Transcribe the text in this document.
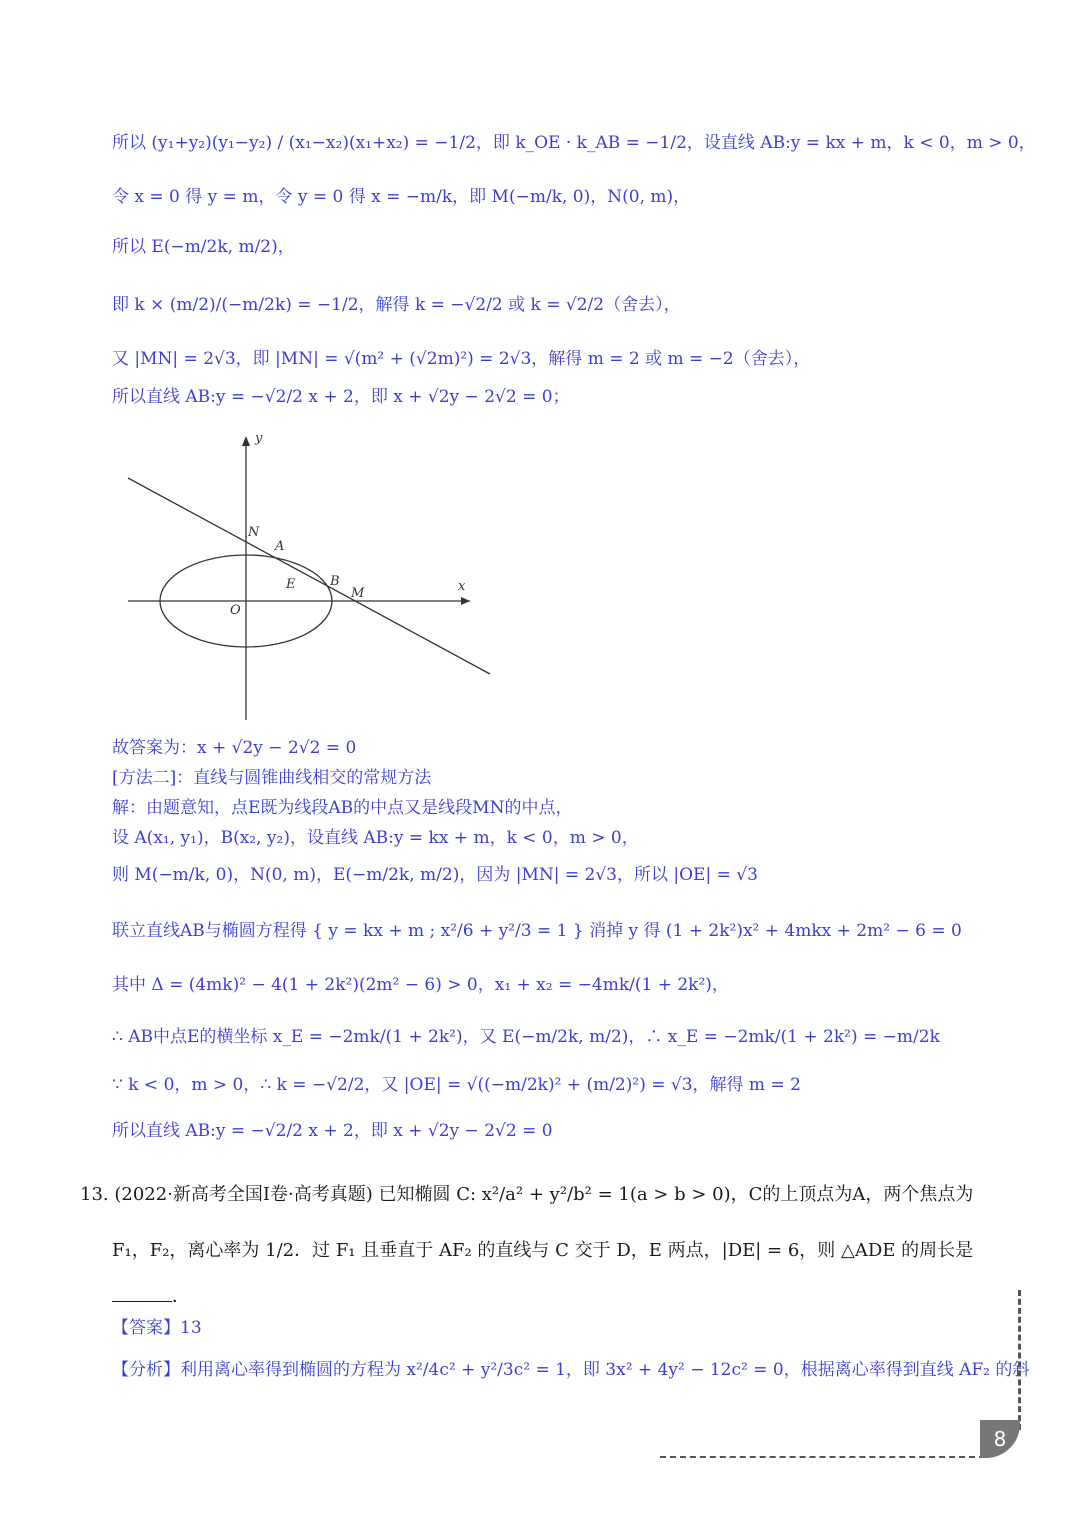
所以 (y₁+y₂)(y₁−y₂) / (x₁−x₂)(x₁+x₂) = −1/2，即 k_OE · k_AB = −1/2，设直线 AB:y = kx + m，k < 0，m > 0，
令 x = 0 得 y = m，令 y = 0 得 x = −m/k，即 M(−m/k, 0)，N(0, m)，
所以 E(−m/2k, m/2)，
即 k × (m/2)/(−m/2k) = −1/2，解得 k = −√2/2 或 k = √2/2（舍去），
又 |MN| = 2√3，即 |MN| = √(m² + (√2m)²) = 2√3，解得 m = 2 或 m = −2（舍去），
所以直线 AB:y = −√2/2 x + 2，即 x + √2y − 2√2 = 0；
y
x
O
N
A
E	B
M
故答案为：x + √2y − 2√2 = 0
[方法二]：直线与圆锥曲线相交的常规方法
解：由题意知，点E既为线段AB的中点又是线段MN的中点，
设 A(x₁, y₁)，B(x₂, y₂)，设直线 AB:y = kx + m，k < 0，m > 0，
则 M(−m/k, 0)，N(0, m)，E(−m/2k, m/2)，因为 |MN| = 2√3，所以 |OE| = √3
联立直线AB与椭圆方程得 { y = kx + m ; x²/6 + y²/3 = 1 } 消掉 y 得 (1 + 2k²)x² + 4mkx + 2m² − 6 = 0
其中 Δ = (4mk)² − 4(1 + 2k²)(2m² − 6) > 0，x₁ + x₂ = −4mk/(1 + 2k²)，
∴ AB中点E的横坐标 x_E = −2mk/(1 + 2k²)，又 E(−m/2k, m/2)，∴ x_E = −2mk/(1 + 2k²) = −m/2k
∵ k < 0，m > 0，∴ k = −√2/2，又 |OE| = √((−m/2k)² + (m/2)²) = √3，解得 m = 2
所以直线 AB:y = −√2/2 x + 2，即 x + √2y − 2√2 = 0
13. (2022·新高考全国Ⅰ卷·高考真题) 已知椭圆 C: x²/a² + y²/b² = 1(a > b > 0)，C的上顶点为A，两个焦点为
F₁，F₂，离心率为 1/2．过 F₁ 且垂直于 AF₂ 的直线与 C 交于 D，E 两点，|DE| = 6，则 △ADE 的周长是
．
【答案】13
【分析】利用离心率得到椭圆的方程为 x²/4c² + y²/3c² = 1，即 3x² + 4y² − 12c² = 0，根据离心率得到直线 AF₂ 的斜
8
